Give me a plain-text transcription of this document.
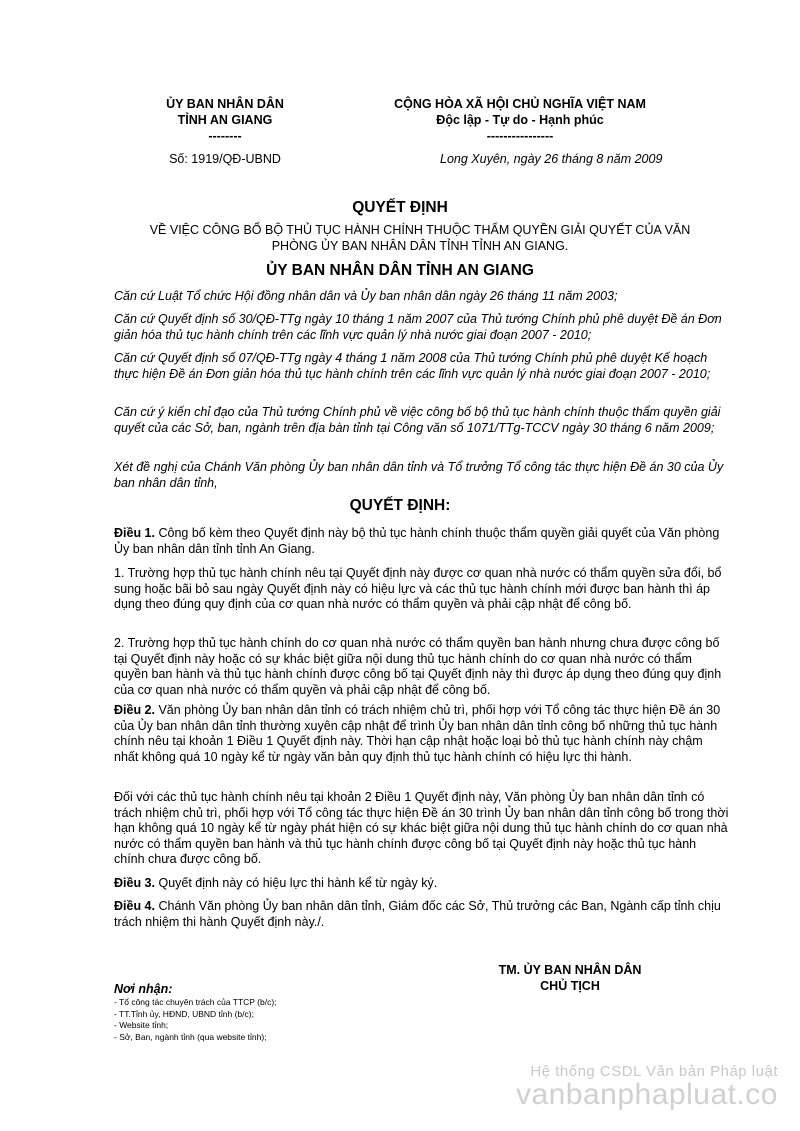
ỦY BAN NHÂN DÂN
TỈNH AN GIANG
--------
Số: 1919/QĐ-UBND
CỘNG HÒA XÃ HỘI CHỦ NGHĨA VIỆT NAM
Độc lập - Tự do - Hạnh phúc
----------------
Long Xuyên, ngày 26 tháng 8 năm 2009
QUYẾT ĐỊNH
VỀ VIỆC CÔNG BỐ BỘ THỦ TỤC HÀNH CHÍNH THUỘC THẨM QUYỀN GIẢI QUYẾT CỦA VĂN
PHÒNG ỦY BAN NHÂN DÂN TỈNH TỈNH AN GIANG.
ỦY BAN NHÂN DÂN TỈNH AN GIANG
Căn cứ Luật Tổ chức Hội đồng nhân dân và Ủy ban nhân dân ngày 26 tháng 11 năm 2003;
Căn cứ Quyết định số 30/QĐ-TTg ngày 10 tháng 1 năm 2007 của Thủ tướng Chính phủ phê duyệt Đề án Đơn giản hóa thủ tục hành chính trên các lĩnh vực quản lý nhà nước giai đoạn 2007 - 2010;
Căn cứ Quyết định số 07/QĐ-TTg ngày 4 tháng 1 năm 2008 của Thủ tướng Chính phủ phê duyệt Kế hoạch thực hiện Đề án Đơn giản hóa thủ tục hành chính trên các lĩnh vực quản lý nhà nước giai đoạn 2007 - 2010;
Căn cứ ý kiến chỉ đạo của Thủ tướng Chính phủ về việc công bố bộ thủ tục hành chính thuộc thẩm quyền giải quyết của các Sở, ban, ngành trên địa bàn tỉnh tại Công văn số 1071/TTg-TCCV ngày 30 tháng 6 năm 2009;
Xét đề nghị của Chánh Văn phòng Ủy ban nhân dân tỉnh và Tổ trưởng Tổ công tác thực hiện Đề án 30 của Ủy ban nhân dân tỉnh,
QUYẾT ĐỊNH:
Điều 1. Công bố kèm theo Quyết định này bộ thủ tục hành chính thuộc thẩm quyền giải quyết của Văn phòng Ủy ban nhân dân tỉnh tỉnh An Giang.
1. Trường hợp thủ tục hành chính nêu tại Quyết định này được cơ quan nhà nước có thẩm quyền sửa đổi, bổ sung hoặc bãi bỏ sau ngày Quyết định này có hiệu lực và các thủ tục hành chính mới được ban hành thì áp dụng theo đúng quy định của cơ quan nhà nước có thẩm quyền và phải cập nhật để công bố.
2. Trường hợp thủ tục hành chính do cơ quan nhà nước có thẩm quyền ban hành nhưng chưa được công bố tại Quyết định này hoặc có sự khác biệt giữa nội dung thủ tục hành chính do cơ quan nhà nước có thẩm quyền ban hành và thủ tục hành chính được công bố tại Quyết định này thì được áp dụng theo đúng quy định của cơ quan nhà nước có thẩm quyền và phải cập nhật để công bố.
Điều 2. Văn phòng Ủy ban nhân dân tỉnh có trách nhiệm chủ trì, phối hợp với Tổ công tác thực hiện Đề án 30 của Ủy ban nhân dân tỉnh thường xuyên cập nhật để trình Ủy ban nhân dân tỉnh công bố những thủ tục hành chính nêu tại khoản 1 Điều 1 Quyết định này. Thời hạn cập nhật hoặc loại bỏ thủ tục hành chính này chậm nhất không quá 10 ngày kể từ ngày văn bản quy định thủ tục hành chính có hiệu lực thi hành.
Đối với các thủ tục hành chính nêu tại khoản 2 Điều 1 Quyết định này, Văn phòng Ủy ban nhân dân tỉnh có trách nhiệm chủ trì, phối hợp với Tổ công tác thực hiện Đề án 30 trình Ủy ban nhân dân tỉnh công bố trong thời hạn không quá 10 ngày kể từ ngày phát hiện có sự khác biệt giữa nội dung thủ tục hành chính do cơ quan nhà nước có thẩm quyền ban hành và thủ tục hành chính được công bố tại Quyết định này hoặc thủ tục hành chính chưa được công bố.
Điều 3. Quyết định này có hiệu lực thi hành kể từ ngày ký.
Điều 4. Chánh Văn phòng Ủy ban nhân dân tỉnh, Giám đốc các Sở, Thủ trưởng các Ban, Ngành cấp tỉnh chịu trách nhiệm thi hành Quyết định này./.
TM. ỦY BAN NHÂN DÂN
CHỦ TỊCH
Nơi nhận:
- Tổ công tác chuyên trách của TTCP (b/c);
- TT.Tỉnh ủy, HĐND, UBND tỉnh (b/c);
- Website tỉnh;
- Sở, Ban, ngành tỉnh (qua website tỉnh);
Hệ thống CSDL Văn bản Pháp luật
vanbanphapluat.co
